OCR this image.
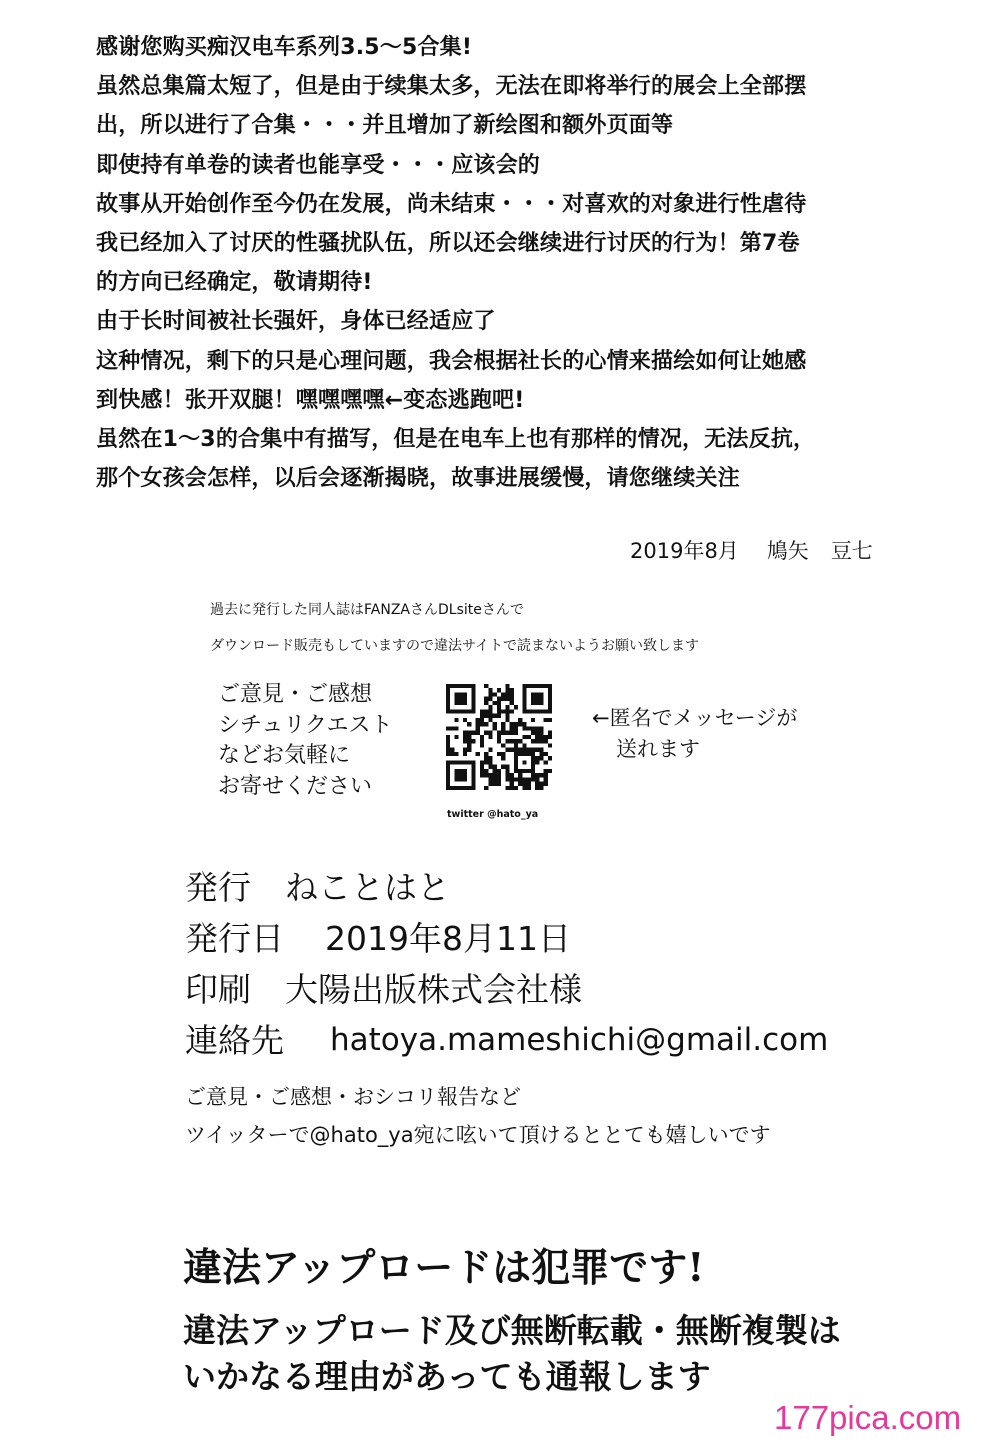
感谢您购买痴汉电车系列3.5～5合集!
虽然总集篇太短了，但是由于续集太多，无法在即将举行的展会上全部摆
出，所以进行了合集・・・并且增加了新绘图和额外页面等
即使持有单卷的读者也能享受・・・应该会的
故事从开始创作至今仍在发展，尚未结束・・・对喜欢的对象进行性虐待
我已经加入了讨厌的性骚扰队伍，所以还会继续进行讨厌的行为！第7卷
的方向已经确定，敬请期待!
由于长时间被社长强奸，身体已经适应了
这种情况，剩下的只是心理问题，我会根据社长的心情来描绘如何让她感
到快感！张开双腿！嘿嘿嘿嘿←变态逃跑吧!
虽然在1～3的合集中有描写，但是在电车上也有那样的情况，无法反抗，
那个女孩会怎样，以后会逐渐揭晓，故事进展缓慢，请您继续关注
2019年8月 鳩矢 豆七
過去に発行した同人誌はFANZAさんDLsiteさんで
ダウンロード販売もしていますので違法サイトで読まないようお願い致します
ご意見・ご感想
シチュリクエスト
などお気軽に
お寄せください
twitter @hato_ya
←匿名でメッセージが
送れます
発行 ねことはと
発行日 2019年8月11日
印刷 大陽出版株式会社様
連絡先 hatoya.mameshichi@gmail.com
ご意見・ご感想・おシコリ報告など
ツイッターで@hato_ya宛に呟いて頂けるととても嬉しいです
違法アップロードは犯罪です!
違法アップロード及び無断転載・無断複製は
いかなる理由があっても通報します
177pica.com
